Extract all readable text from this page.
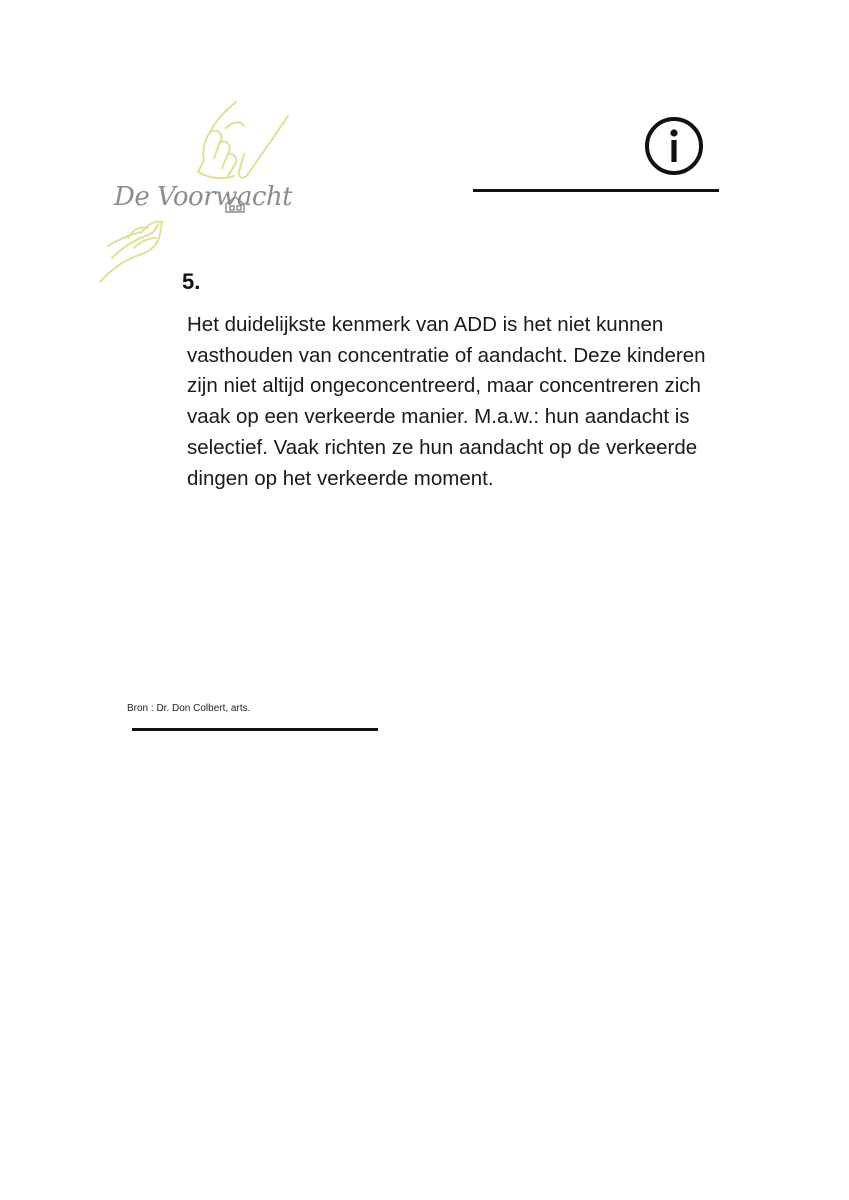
De Voorwacht
5.

Het duidelijkste kenmerk van ADD is het niet kunnen vasthouden van concentratie of aandacht. Deze kinderen zijn niet altijd ongeconcentreerd, maar concentreren zich vaak op een verkeerde manier. M.a.w.: hun aandacht is selectief. Vaak richten ze hun aandacht op de verkeerde dingen op het verkeerde moment.

Bron : Dr. Don Colbert, arts.
